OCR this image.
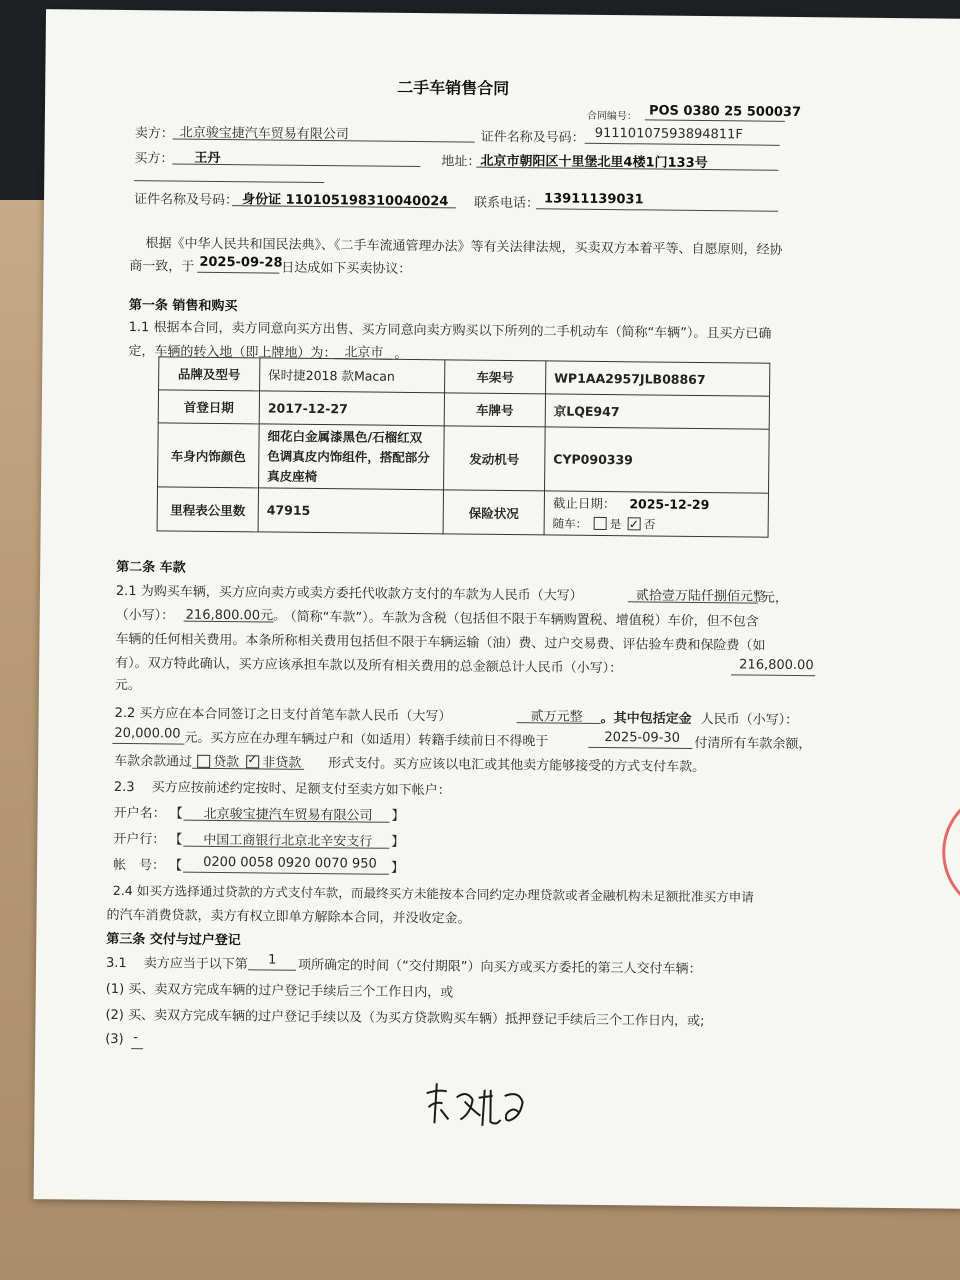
二手车销售合同
合同编号： POS 0380 25 500037
卖方： 北京骏宝捷汽车贸易有限公司	证件名称及号码： 91110107593894811F
买方： 王丹	地址： 北京市朝阳区十里堡北里4楼1门133号
证件名称及号码： 身份证 110105198310040024 联系电话： 13911139031
根据《中华人民共和国民法典》、《二手车流通管理办法》等有关法律法规，买卖双方本着平等、自愿原则，经协
商一致，于 2025-09-28
日达成如下买卖协议：
第一条 销售和购买
1.1 根据本合同，卖方同意向买方出售、买方同意向卖方购买以下所列的二手机动车（简称“车辆”）。且买方已确
定，车辆的转入地（即上牌地）为： 北京市 。
品牌及型号	保时捷2018 款Macan	车架号	WP1AA2957JLB08867
首登日期	2017-12-27	车牌号	京LQE947
车身内饰颜色	细花白金属漆黑色/石榴红双
色调真皮内饰组件，搭配部分
真皮座椅	发动机号	CYP090339
里程表公里数	47915	保险状况	截止日期： 2025-12-29
随车： 是 ✓ 否
第二条 车款
2.1 为购买车辆，买方应向卖方或卖方委托代收款方支付的车款为人民币（大写）	贰拾壹万陆仟捌佰元整
元，
（小写）： 216,800.00元。
（简称“车款”）。车款为含税（包括但不限于车辆购置税、增值税）车价，但不包含
车辆的任何相关费用。本条所称相关费用包括但不限于车辆运输（油）费、过户交易费、评估验车费和保险费（如
有）。双方特此确认，买方应该承担车款以及所有相关费用的总金额总计人民币（小写）：	216,800.00
元。
2.2 买方应在本合同签订之日支付首笔车款人民币（大写）	贰万元整 。其中包括定金 人民币（小写）：
20,000.00 元。买方应在办理车辆过户和（如适用）转籍手续前日不得晚于	2025-09-30 付清所有车款余额，
车款余款通过	贷款 ✓ 非贷款 形式支付。买方应该以电汇或其他卖方能够接受的方式支付车款。
2.3 　买方应按前述约定按时、足额支付至卖方如下帐户：
开户名： 【 北京骏宝捷汽车贸易有限公司 】
开户行： 【 中国工商银行北京北辛安支行 】
帐　号： 【 0200 0058 0920 0070 950 】
2.4 如买方选择通过贷款的方式支付车款，而最终买方未能按本合同约定办理贷款或者金融机构未足额批准买方申请
的汽车消费贷款，卖方有权立即单方解除本合同，并没收定金。
第三条 交付与过户登记
3.1 　卖方应当于以下第 1 项所确定的时间（“交付期限”）向买方或买方委托的第三人交付车辆：
(1) 买、卖双方完成车辆的过户登记手续后三个工作日内，或
(2) 买、卖双方完成车辆的过户登记手续以及（为买方贷款购买车辆）抵押登记手续后三个工作日内，或;
(3) -
